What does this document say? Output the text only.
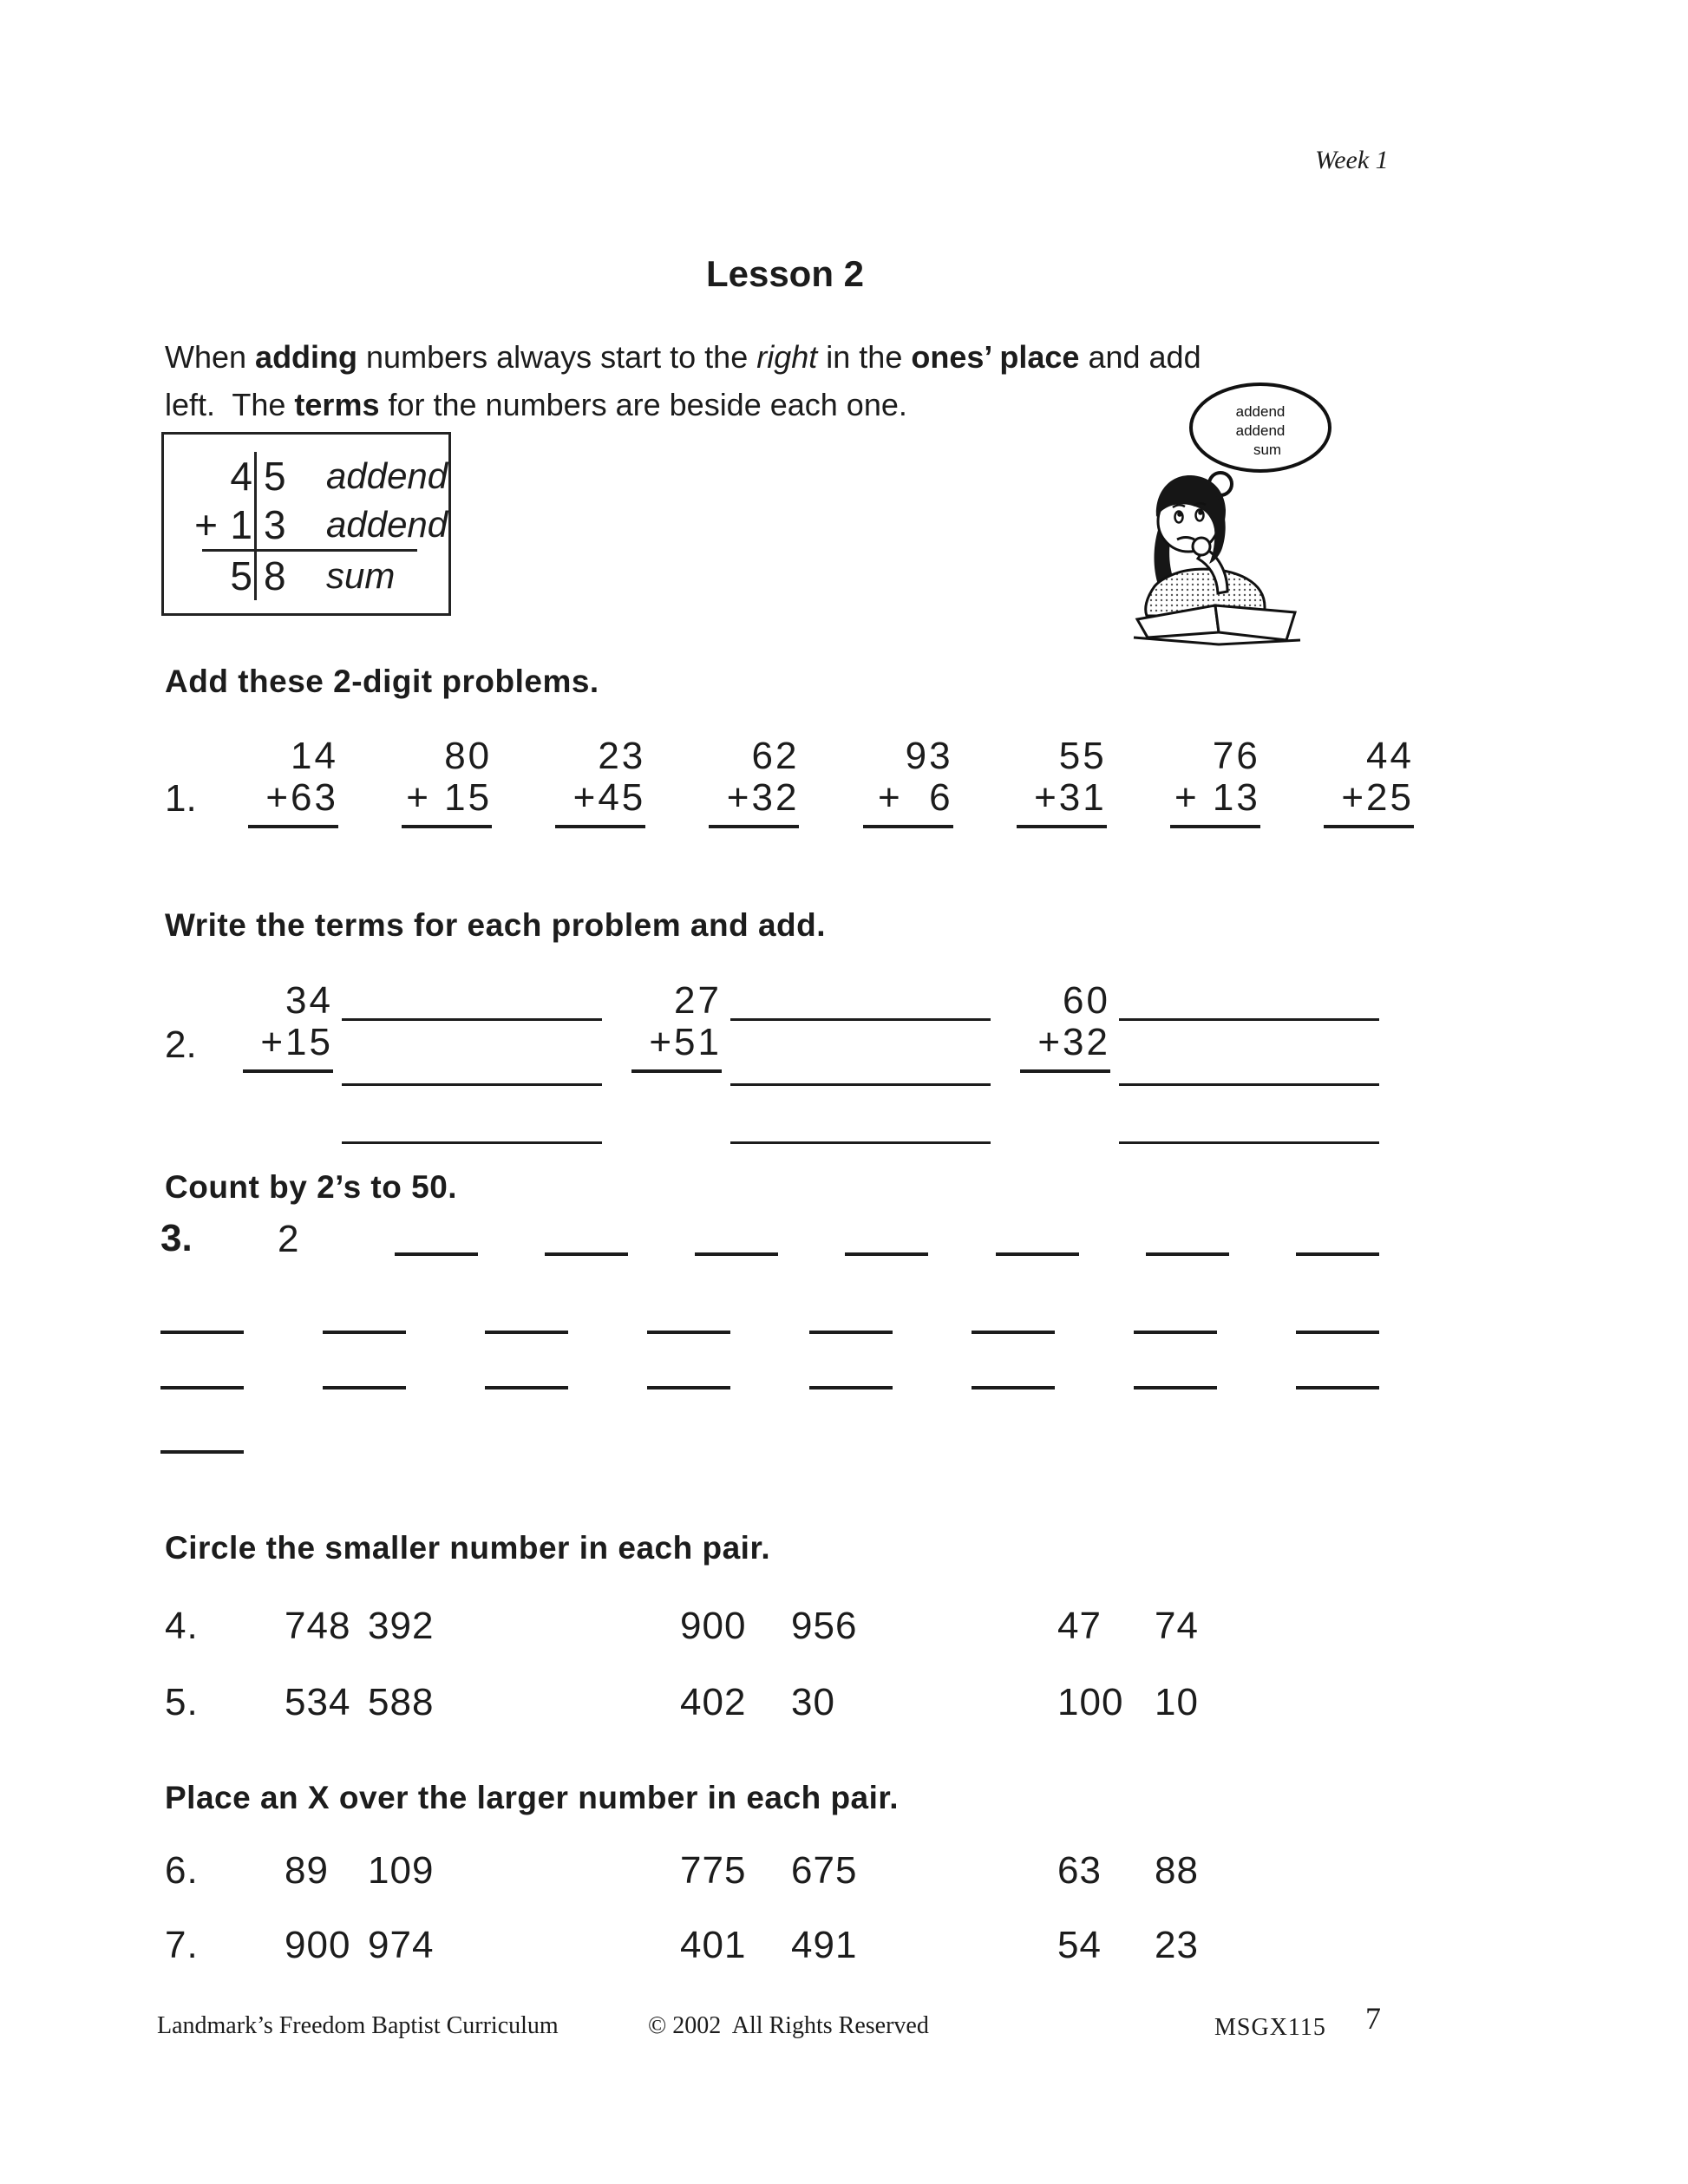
Week 1
Lesson 2
When adding numbers always start to the right in the ones’ place and add
left.  The terms for the numbers are beside each one.
4 5	addend
+ 1 3	addend
5 8	sum
addend
addend
sum
Add these 2-digit problems.
1.
14
+63
80
+ 15
23
+45
62
+32
93
+  6
55
+31
76
+ 13
44
+25
Write the terms for each problem and add.
2.
34
+15
27
+51
60
+32
Count by 2’s to 50.
3.	2
Circle the smaller number in each pair.
4.	748 392	900	956	47	74
5.	534 588	402	30	100 10
Place an X over the larger number in each pair.
6.	89	109	775	675	63	88
7.	900 974	401	491	54	23
Landmark’s Freedom Baptist Curriculum	© 2002  All Rights Reserved	MSGX115 7
